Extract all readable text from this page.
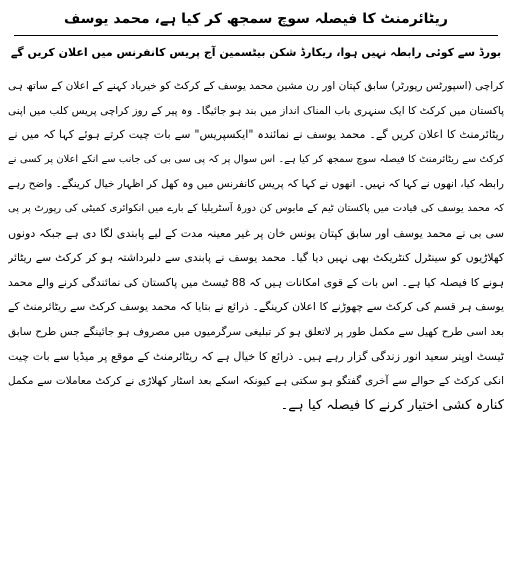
ریٹائرمنٹ کا فیصلہ سوچ سمجھ کر کیا ہے، محمد یوسف
بورڈ سے کوئی رابطہ نہیں ہوا، ریکارڈ شکن بیٹسمین آج پریس کانفرنس میں اعلان کریں گے
کراچی (اسپورٹس رپورٹر) سابق کپتان اور رن مشین محمد یوسف کے کرکٹ کو خیرباد کہنے کے اعلان کے ساتھ ہی
پاکستان میں کرکٹ کا ایک سنہری باب المناک انداز میں بند ہو جائیگا۔ وہ پیر کے روز کراچی پریس کلب میں اپنی
ریٹائرمنٹ کا اعلان کریں گے۔ محمد یوسف نے نمائندہ "ایکسپریس" سے بات چیت کرتے ہوئے کہا کہ میں نے
کرکٹ سے ریٹائرمنٹ کا فیصلہ سوچ سمجھ کر کیا ہے۔ اس سوال پر کہ پی سی بی کی جانب سے انکے اعلان پر کسی نے
رابطہ کیا، انھوں نے کہا کہ نہیں۔ انھوں نے کہا کہ پریس کانفرنس میں وہ کھل کر اظہار خیال کرینگے۔ واضح رہے
کہ محمد یوسف کی قیادت میں پاکستان ٹیم کے مایوس کن دورۂ آسٹریلیا کے بارے میں انکوائری کمیٹی کی رپورٹ پر پی
سی بی نے محمد یوسف اور سابق کپتان یونس خان پر غیر معینہ مدت کے لیے پابندی لگا دی ہے جبکہ دونوں
کھلاڑیوں کو سینٹرل کنٹریکٹ بھی نہیں دیا گیا۔ محمد یوسف نے پابندی سے دلبرداشتہ ہو کر کرکٹ سے ریٹائر
ہونے کا فیصلہ کیا ہے۔ اس بات کے قوی امکانات ہیں کہ 88 ٹیسٹ میں پاکستان کی نمائندگی کرنے والے محمد
یوسف ہر قسم کی کرکٹ سے چھوڑنے کا اعلان کرینگے۔ ذرائع نے بتایا کہ محمد یوسف کرکٹ سے ریٹائرمنٹ کے
بعد اسی طرح کھیل سے مکمل طور پر لاتعلق ہو کر تبلیغی سرگرمیوں میں مصروف ہو جائینگے جس طرح سابق
ٹیسٹ اوپنر سعید انور زندگی گزار رہے ہیں۔ ذرائع کا خیال ہے کہ ریٹائرمنٹ کے موقع پر میڈیا سے بات چیت
انکی کرکٹ کے حوالے سے آخری گفتگو ہو سکتی ہے کیونکہ اسکے بعد اسٹار کھلاڑی نے کرکٹ معاملات سے مکمل
کنارہ کشی اختیار کرنے کا فیصلہ کیا ہے۔
